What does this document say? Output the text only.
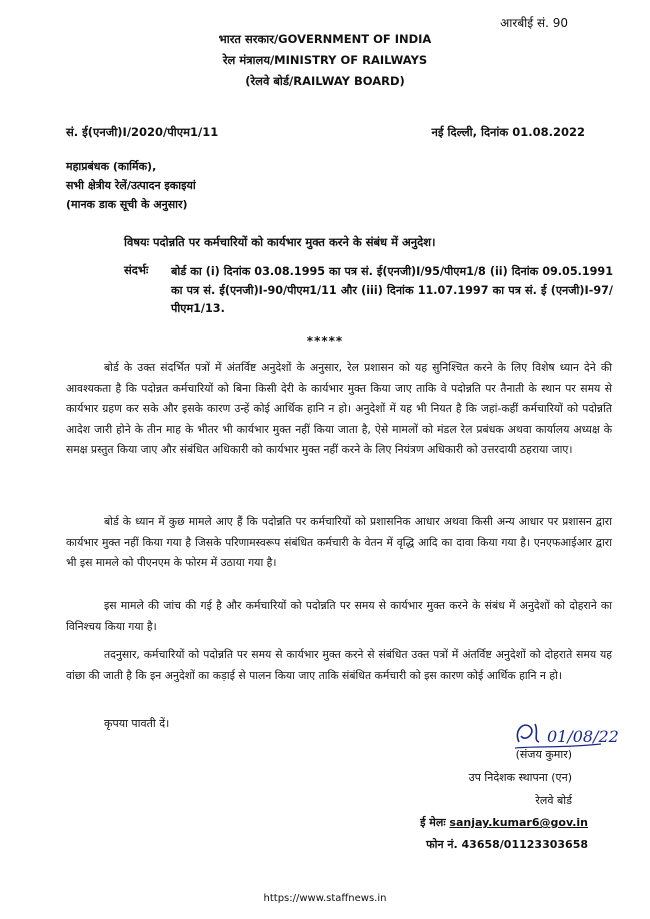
आरबीई सं. 90
भारत सरकार/GOVERNMENT OF INDIA
रेल मंत्रालय/MINISTRY OF RAILWAYS
(रेलवे बोर्ड/RAILWAY BOARD)
सं. ई(एनजी)I/2020/पीएम1/11	नई दिल्ली, दिनांक 01.08.2022
महाप्रबंधक (कार्मिक),
सभी क्षेत्रीय रेलें/उत्पादन इकाइयां
(मानक डाक सूची के अनुसार)
विषयः पदोन्नति पर कर्मचारियों को कार्यभार मुक्त करने के संबंध में अनुदेश।
संदर्भः बोर्ड का (i) दिनांक 03.08.1995 का पत्र सं. ई(एनजी)I/95/पीएम1/8 (ii) दिनांक 09.05.1991 का पत्र सं. ई(एनजी)I-90/पीएम1/11 और (iii) दिनांक 11.07.1997 का पत्र सं. ई (एनजी)I-97/पीएम1/13.
*****
बोर्ड के उक्त संदर्भित पत्रों में अंतर्विष्ट अनुदेशों के अनुसार, रेल प्रशासन को यह सुनिश्चित करने के लिए विशेष ध्यान देने की आवश्यकता है कि पदोन्नत कर्मचारियों को बिना किसी देरी के कार्यभार मुक्त किया जाए ताकि वे पदोन्नति पर तैनाती के स्थान पर समय से कार्यभार ग्रहण कर सके और इसके कारण उन्हें कोई आर्थिक हानि न हो। अनुदेशों में यह भी नियत है कि जहां-कहीं कर्मचारियों को पदोन्नति आदेश जारी होने के तीन माह के भीतर भी कार्यभार मुक्त नहीं किया जाता है, ऐसे मामलों को मंडल रेल प्रबंधक अथवा कार्यालय अध्यक्ष के समक्ष प्रस्तुत किया जाए और संबंधित अधिकारी को कार्यभार मुक्त नहीं करने के लिए नियंत्रण अधिकारी को उत्तरदायी ठहराया जाए।
बोर्ड के ध्यान में कुछ मामले आए हैं कि पदोन्नति पर कर्मचारियों को प्रशासनिक आधार अथवा किसी अन्य आधार पर प्रशासन द्वारा कार्यभार मुक्त नहीं किया गया है जिसके परिणामस्वरूप संबंधित कर्मचारी के वेतन में वृद्धि आदि का दावा किया गया है। एनएफआईआर द्वारा भी इस मामले को पीएनएम के फोरम में उठाया गया है।
इस मामले की जांच की गई है और कर्मचारियों को पदोन्नति पर समय से कार्यभार मुक्त करने के संबंध में अनुदेशों को दोहराने का विनिश्चय किया गया है।
तदनुसार, कर्मचारियों को पदोन्नति पर समय से कार्यभार मुक्त करने से संबंधित उक्त पत्रों में अंतर्विष्ट अनुदेशों को दोहराते समय यह वांछा की जाती है कि इन अनुदेशों का कड़ाई से पालन किया जाए ताकि संबंधित कर्मचारी को इस कारण कोई आर्थिक हानि न हो।
कृपया पावती दें।
01/08/22
(संजय कुमार)
उप निदेशक स्थापना (एन)
रेलवे बोर्ड
ई मेलः sanjay.kumar6@gov.in
फोन नं. 43658/01123303658
https://www.staffnews.in
